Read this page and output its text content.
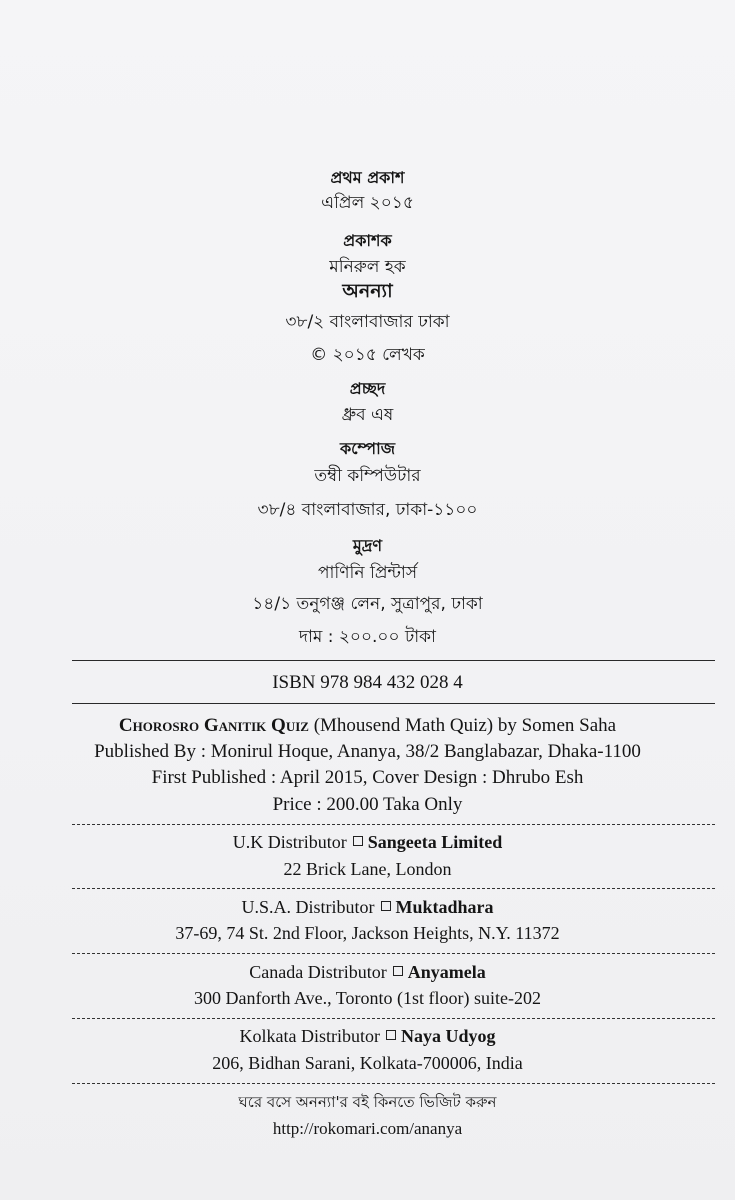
প্রথম প্রকাশ
এপ্রিল ২০১৫
প্রকাশক
মনিরুল হক
অনন্যা
৩৮/২ বাংলাবাজার ঢাকা
© ২০১৫ লেখক
প্রচ্ছদ
ধ্রুব এষ
কম্পোজ
তম্বী কম্পিউটার
৩৮/৪ বাংলাবাজার, ঢাকা-১১০০
মুদ্রণ
পাণিনি প্রিন্টার্স
১৪/১ তনুগঞ্জ লেন, সুত্রাপুর, ঢাকা
দাম : ২০০.০০ টাকা
ISBN 978 984 432 028 4
Chorosro Ganitik Quiz (Mhousend Math Quiz) by Somen Saha
Published By : Monirul Hoque, Ananya, 38/2 Banglabazar, Dhaka-1100
First Published : April 2015, Cover Design : Dhrubo Esh
Price : 200.00 Taka Only
U.K Distributor Sangeeta Limited
22 Brick Lane, London
U.S.A. Distributor Muktadhara
37-69, 74 St. 2nd Floor, Jackson Heights, N.Y. 11372
Canada Distributor Anyamela
300 Danforth Ave., Toronto (1st floor) suite-202
Kolkata Distributor Naya Udyog
206, Bidhan Sarani, Kolkata-700006, India
ঘরে বসে অনন্যা'র বই কিনতে ভিজিট করুন
http://rokomari.com/ananya
